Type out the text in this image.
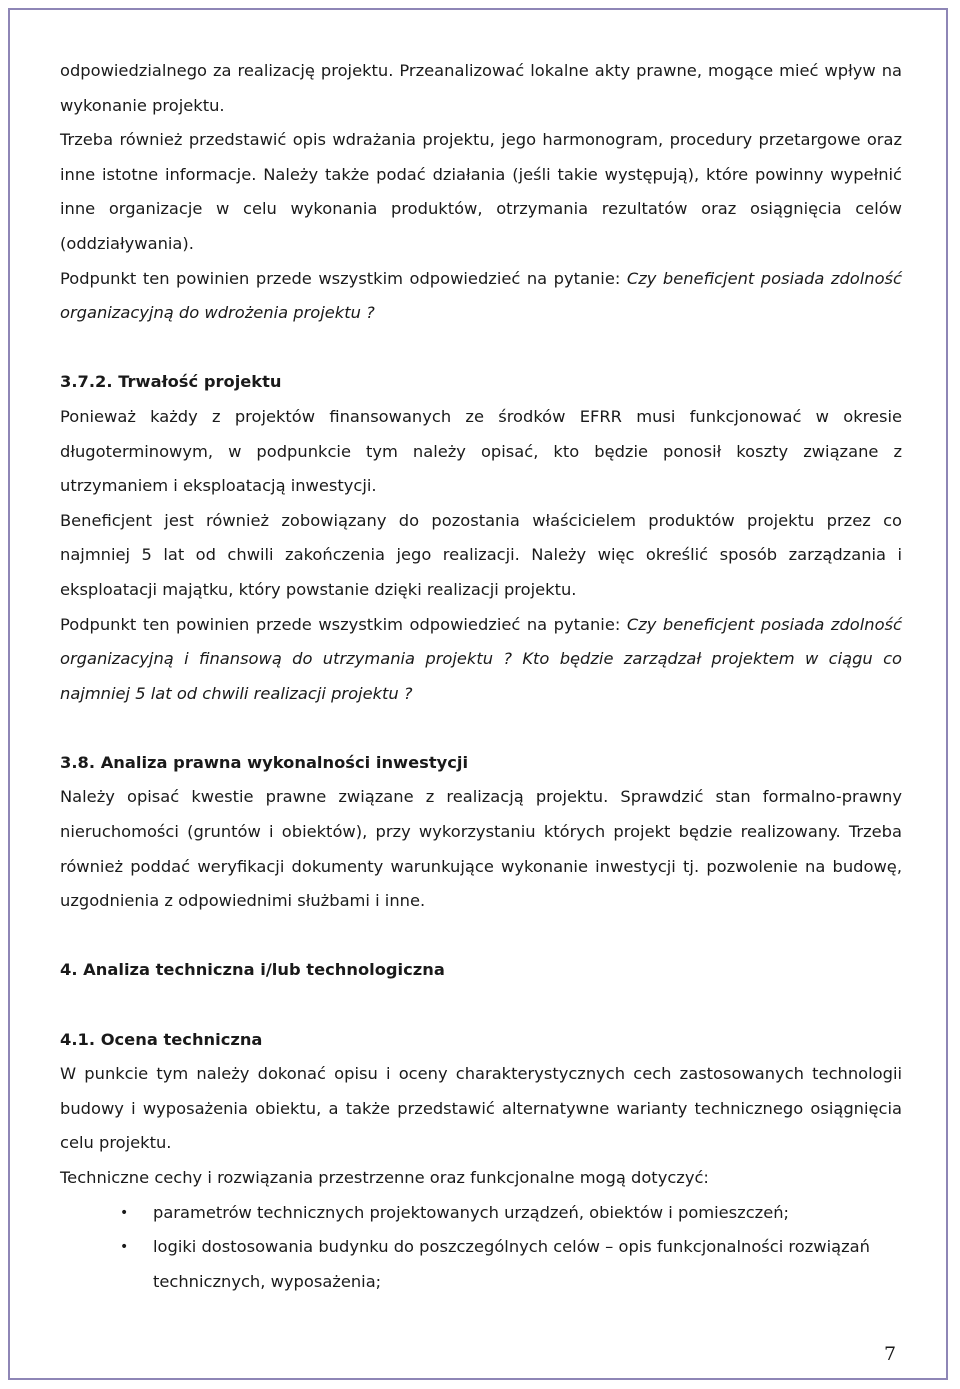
odpowiedzialnego za realizację projektu. Przeanalizować lokalne akty prawne, mogące mieć wpływ na wykonanie projektu.

Trzeba również przedstawić opis wdrażania projektu, jego harmonogram, procedury przetargowe oraz inne istotne informacje. Należy także podać działania (jeśli takie występują), które powinny wypełnić inne organizacje w celu wykonania produktów, otrzymania rezultatów oraz osiągnięcia celów (oddziaływania).

Podpunkt ten powinien przede wszystkim odpowiedzieć na pytanie: Czy beneficjent posiada zdolność organizacyjną do wdrożenia projektu ?

3.7.2. Trwałość projektu

Ponieważ każdy z projektów finansowanych ze środków EFRR musi funkcjonować w okresie długoterminowym, w podpunkcie tym należy opisać, kto będzie ponosił koszty związane z utrzymaniem i eksploatacją inwestycji.

Beneficjent jest również zobowiązany do pozostania właścicielem produktów projektu przez co najmniej 5 lat od chwili zakończenia jego realizacji. Należy więc określić sposób zarządzania i eksploatacji majątku, który powstanie dzięki realizacji projektu.

Podpunkt ten powinien przede wszystkim odpowiedzieć na pytanie: Czy beneficjent posiada zdolność organizacyjną i finansową do utrzymania projektu ? Kto będzie zarządzał projektem w ciągu co najmniej 5 lat od chwili realizacji projektu ?

3.8. Analiza prawna wykonalności inwestycji

Należy opisać kwestie prawne związane z realizacją projektu. Sprawdzić stan formalno-prawny nieruchomości (gruntów i obiektów), przy wykorzystaniu których projekt będzie realizowany. Trzeba również poddać weryfikacji dokumenty warunkujące wykonanie inwestycji tj. pozwolenie na budowę, uzgodnienia z odpowiednimi służbami i inne.

4. Analiza techniczna i/lub technologiczna

4.1. Ocena techniczna

W punkcie tym należy dokonać opisu i oceny charakterystycznych cech zastosowanych technologii budowy i wyposażenia obiektu, a także przedstawić alternatywne warianty technicznego osiągnięcia celu projektu.

Techniczne cechy i rozwiązania przestrzenne oraz funkcjonalne mogą dotyczyć:

• parametrów technicznych projektowanych urządzeń, obiektów i pomieszczeń;
• logiki dostosowania budynku do poszczególnych celów – opis funkcjonalności rozwiązań technicznych, wyposażenia;
7
